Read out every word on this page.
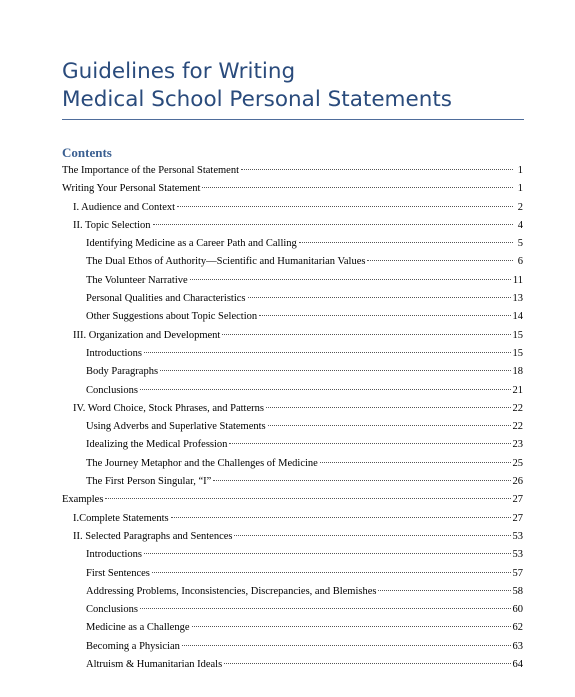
Guidelines for Writing
Medical School Personal Statements
Contents
The Importance of the Personal Statement	1
Writing Your Personal Statement	1
I. Audience and Context	2
II. Topic Selection	4
Identifying Medicine as a Career Path and Calling	5
The Dual Ethos of Authority—Scientific and Humanitarian Values	6
The Volunteer Narrative	11
Personal Qualities and Characteristics	13
Other Suggestions about Topic Selection	14
III. Organization and Development	15
Introductions	15
Body Paragraphs	18
Conclusions	21
IV. Word Choice, Stock Phrases, and Patterns	22
Using Adverbs and Superlative Statements	22
Idealizing the Medical Profession	23
The Journey Metaphor and the Challenges of Medicine	25
The First Person Singular, “I”	26
Examples	27
I.Complete Statements	27
II. Selected Paragraphs and Sentences	53
Introductions	53
First Sentences	57
Addressing Problems, Inconsistencies, Discrepancies, and Blemishes	58
Conclusions	60
Medicine as a Challenge	62
Becoming a Physician	63
Altruism & Humanitarian Ideals	64
